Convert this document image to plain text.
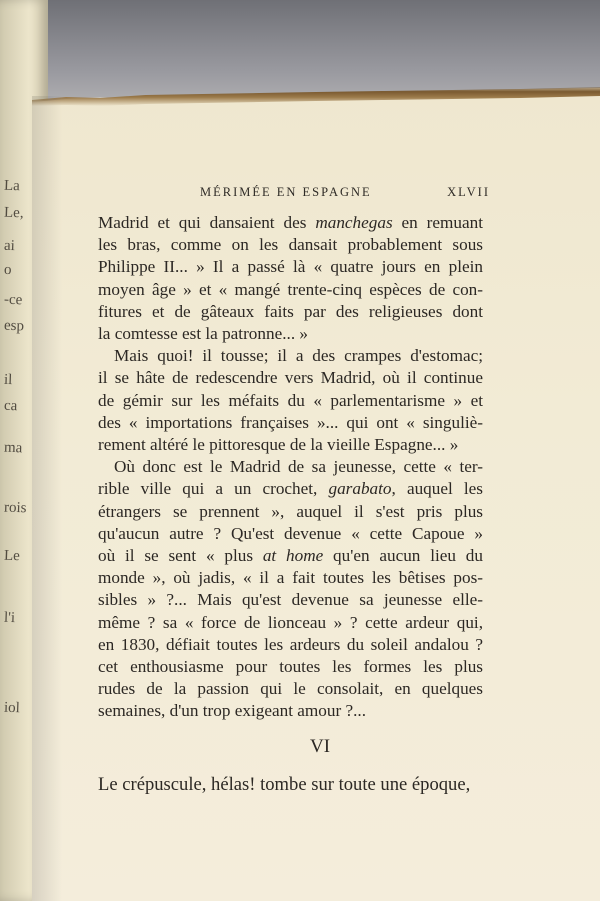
La
Le,
ai
o
-ce
esp
il
ca
ma
rois
Le
l'i
iol
MÉRIMÉE EN ESPAGNE	XLVII
Madrid et qui dansaient des manchegas en remuant
les bras, comme on les dansait probablement sous
Philippe II... » Il a passé là « quatre jours en plein
moyen âge » et « mangé trente-cinq espèces de con-
fitures et de gâteaux faits par des religieuses dont
la comtesse est la patronne... »
Mais quoi! il tousse; il a des crampes d'estomac;
il se hâte de redescendre vers Madrid, où il continue
de gémir sur les méfaits du « parlementarisme » et
des « importations françaises »... qui ont « singuliè-
rement altéré le pittoresque de la vieille Espagne... »
Où donc est le Madrid de sa jeunesse, cette « ter-
rible ville qui a un crochet, garabato, auquel les
étrangers se prennent », auquel il s'est pris plus
qu'aucun autre ? Qu'est devenue « cette Capoue »
où il se sent « plus at home qu'en aucun lieu du
monde », où jadis, « il a fait toutes les bêtises pos-
sibles » ?... Mais qu'est devenue sa jeunesse elle-
même ? sa « force de lionceau » ? cette ardeur qui,
en 1830, défiait toutes les ardeurs du soleil andalou ?
cet enthousiasme pour toutes les formes les plus
rudes de la passion qui le consolait, en quelques
semaines, d'un trop exigeant amour ?...
VI
Le crépuscule, hélas! tombe sur toute une époque,
